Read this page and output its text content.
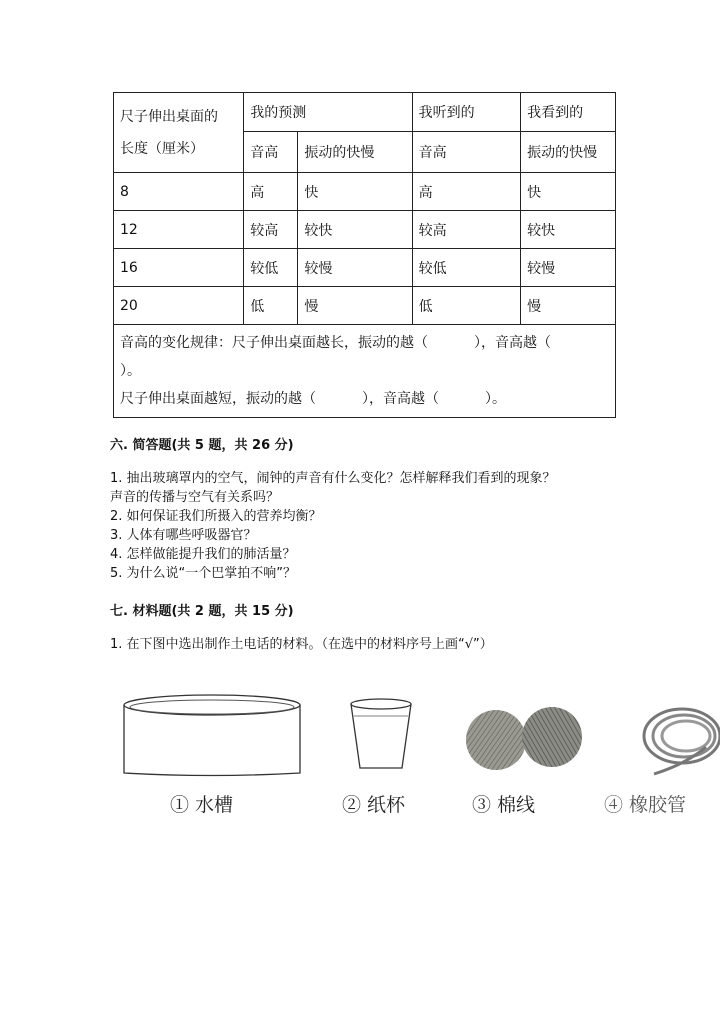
尺子伸出桌面的
长度（厘米）	我的预测		我听到的	我看到的
	音高	振动的快慢	音高	振动的快慢
8	高	快	高	快
12	较高	较快	较高	较快
16	较低	较慢	较低	较慢
20	低	慢	低	慢
音高的变化规律：尺子伸出桌面越长，振动的越（ ），音高越（）。
尺子伸出桌面越短，振动的越（ ），音高越（ ）。				
六. 简答题(共 5 题，共 26 分)
1. 抽出玻璃罩内的空气，闹钟的声音有什么变化？怎样解释我们看到的现象？
声音的传播与空气有关系吗？
2. 如何保证我们所摄入的营养均衡？
3. 人体有哪些呼吸器官？
4. 怎样做能提升我们的肺活量？
5. 为什么说“一个巴掌拍不响”？
七. 材料题(共 2 题，共 15 分)
1. 在下图中选出制作土电话的材料。（在选中的材料序号上画“√”）
① 水槽	② 纸杯	③ 棉线	④ 橡胶管
